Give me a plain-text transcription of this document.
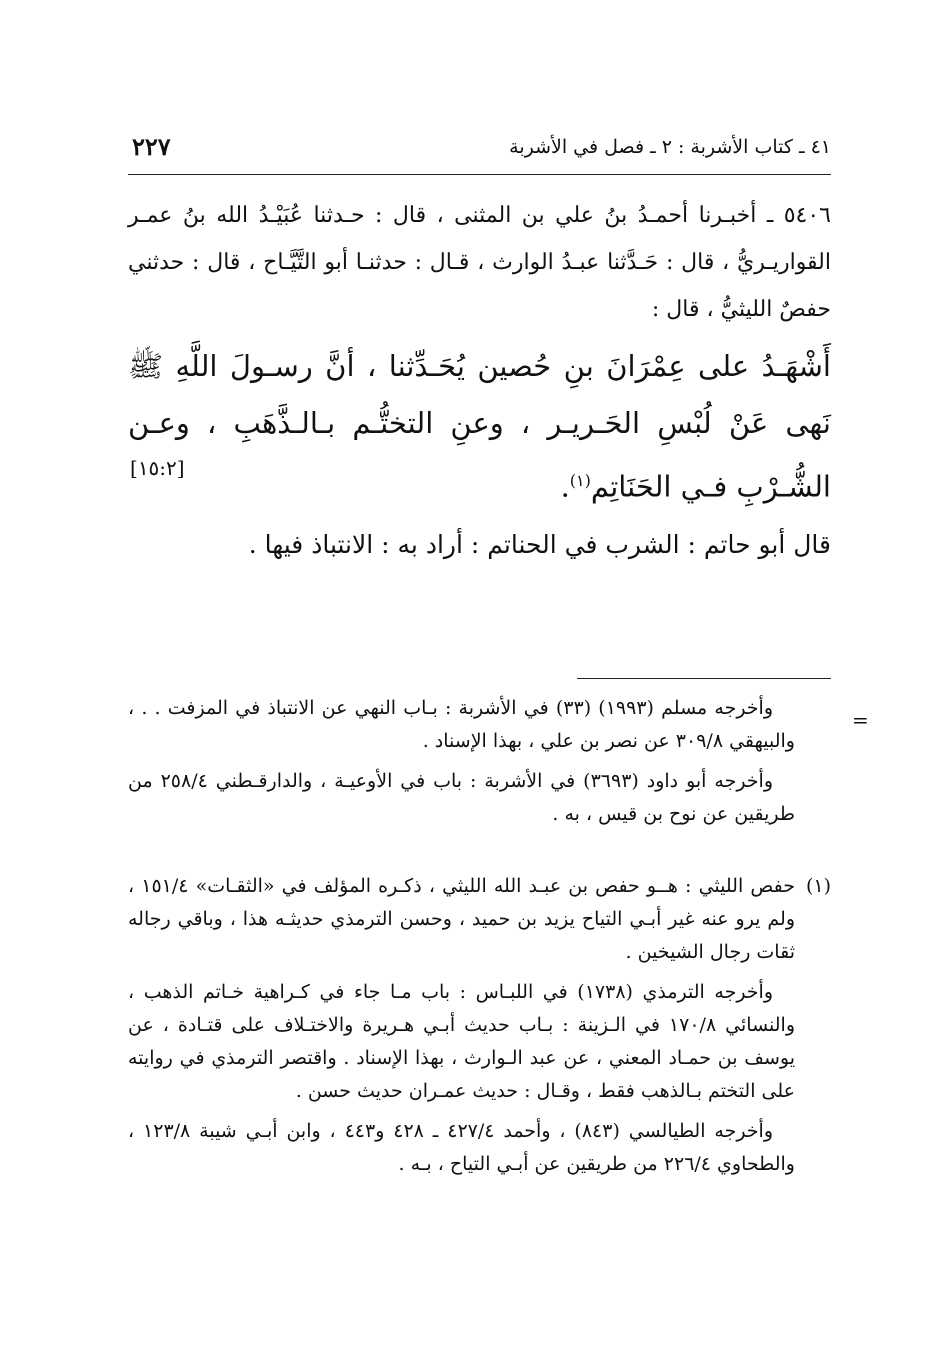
٤١ ـ كتاب الأشربة : ٢ ـ فصل في الأشربة
٢٢٧

٥٤٠٦ ـ أخبـرنا أحمـدُ بنُ علي بن المثنى ، قال : حـدثنا عُبَيْـدُ الله بنُ عمـر القواريـريُّ ، قال : حَـدَّثنا عبـدُ الوارث ، قـال : حدثنـا أبو التَّيَّـاح ، قال : حدثني حفصٌ الليثيُّ ، قال :

أَشْهَـدُ على عِمْرَانَ بنِ حُصين يُحَـدِّثنا ، أنَّ رسـولَ اللَّهِ ﷺ نَهى عَنْ لُبْسِ الحَـريـر ، وعنِ التختُّـم بـالـذَّهَبِ ، وعـن الشُّـرْبِ فـي الحَنَاتِم$^{(١)}$.

[١٥:٢]

قال أبو حاتم : الشرب في الحناتم : أراد به : الانتباذ فيها .

=

وأخرجه مسلم (١٩٩٣) (٣٣) في الأشربة : بـاب النهي عن الانتباذ في المزفت . . ، والبيهقي ٣٠٩/٨ عن نصر بن علي ، بهذا الإسناد .

وأخرجه أبو داود (٣٦٩٣) في الأشربة : باب في الأوعيـة ، والدارقـطني ٢٥٨/٤ من طريقين عن نوح بن قيس ، به .

(١)
حفص الليثي : هــو حفص بن عبـد الله الليثي ، ذكـره المؤلف في «الثقـات» ١٥١/٤ ، ولم يرو عنه غير أبـي التياح يزيد بن حميد ، وحسن الترمذي حديثـه هذا ، وباقي رجاله ثقات رجال الشيخين .

وأخرجه الترمذي (١٧٣٨) في اللبـاس : باب مـا جاء في كـراهية خـاتم الذهب ، والنسائي ١٧٠/٨ في الـزينة : بـاب حديث أبـي هـريرة والاختـلاف على قتـادة ، عن يوسف بن حمـاد المعني ، عن عبد الـوارث ، بهذا الإسناد . واقتصر الترمذي في روايته على التختم بـالذهب فقط ، وقـال : حديث عمـران حديث حسن .

وأخرجه الطيالسي (٨٤٣) ، وأحمد ٤٢٧/٤ ـ ٤٢٨ و٤٤٣ ، وابن أبـي شيبة ١٢٣/٨ ، والطحاوي ٢٢٦/٤ من طريقين عن أبـي التياح ، بـه .
